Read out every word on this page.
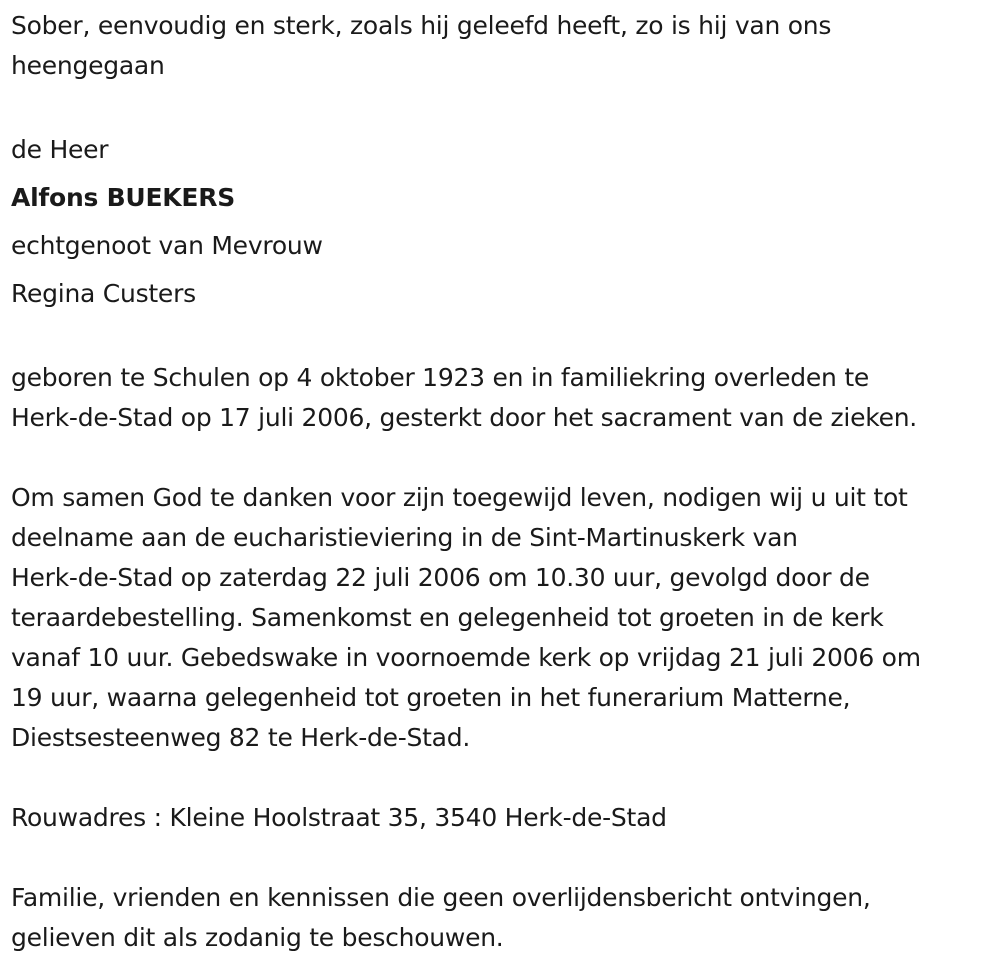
Sober, eenvoudig en sterk, zoals hij geleefd heeft, zo is hij van ons
heengegaan
de Heer
Alfons BUEKERS
echtgenoot van Mevrouw
Regina Custers
geboren te Schulen op 4 oktober 1923 en in familiekring overleden te
Herk-de-Stad op 17 juli 2006, gesterkt door het sacrament van de zieken.
Om samen God te danken voor zijn toegewijd leven, nodigen wij u uit tot
deelname aan de eucharistieviering in de Sint-Martinuskerk van
Herk-de-Stad op zaterdag 22 juli 2006 om 10.30 uur, gevolgd door de
teraardebestelling. Samenkomst en gelegenheid tot groeten in de kerk
vanaf 10 uur. Gebedswake in voornoemde kerk op vrijdag 21 juli 2006 om
19 uur, waarna gelegenheid tot groeten in het funerarium Matterne,
Diestsesteenweg 82 te Herk-de-Stad.
Rouwadres : Kleine Hoolstraat 35, 3540 Herk-de-Stad
Familie, vrienden en kennissen die geen overlijdensbericht ontvingen,
gelieven dit als zodanig te beschouwen.
